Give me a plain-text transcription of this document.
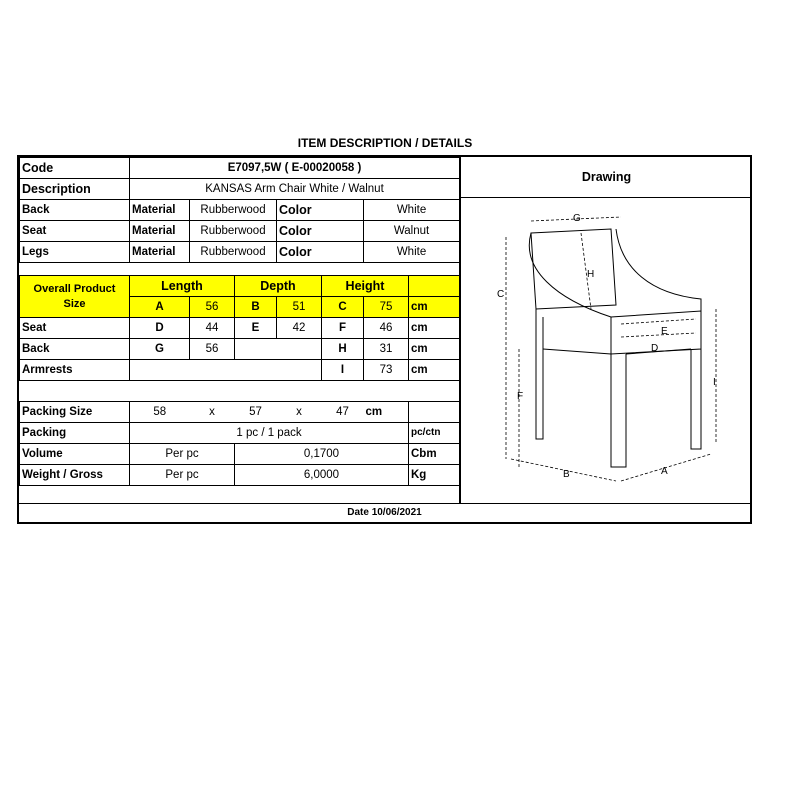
ITEM DESCRIPTION / DETAILS
Code	E7097,5W ( E-00020058 )						
Description	KANSAS Arm Chair White / Walnut						
Back	Material	Rubberwood		Color		White	
Seat	Material	Rubberwood		Color		Walnut	
Legs	Material	Rubberwood		Color		White	

Overall Product Size	Length		Depth		Height		
	A	56	B	51	C	75	cm
Seat	D	44	E	42	F	46	cm
Back	G	56			H	31	cm
Armrests					I	73	cm

Packing Size	58	x	57	x	47	cm	
Packing	1 pc / 1 pack						pc/ctn
Volume	Per pc		0,1700				Cbm
Weight / Gross	Per pc		6,0000				Kg
Drawing
G
H
C
F
E
D
B	A
I
Date 10/06/2021
